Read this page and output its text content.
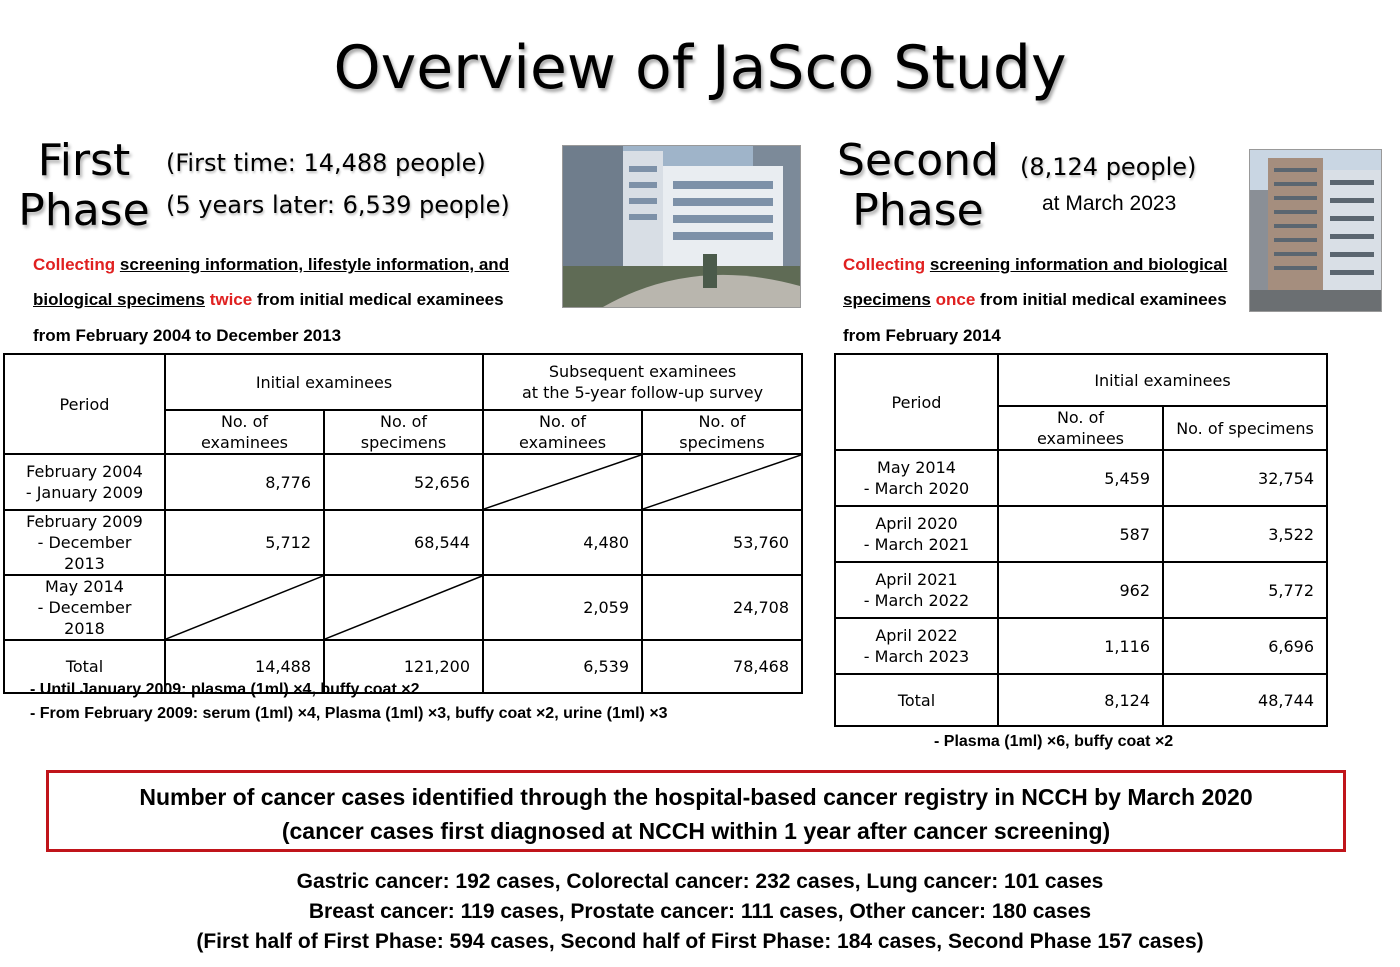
Overview of JaSco Study
First
Phase
(First time: 14,488 people)
(5 years later: 6,539 people)
Collecting screening information, lifestyle information, and
biological specimens twice from initial medical examinees
from February 2004 to December 2013
Period	Initial examinees		Subsequent examinees
at the 5-year follow-up survey	

	No. of examinees	No. of specimens	No. of examinees	No. of specimens

February 2004
- January 2009	8,776	52,656	

February 2009
- December 2013	5,712	68,544	4,480	53,760

May 2014
- December 2018			2,059	24,708
Total	14,488	121,200	6,539	78,468
- Until January 2009: plasma (1ml) ×4, buffy coat ×2
- From February 2009: serum (1ml) ×4, Plasma (1ml) ×3, buffy coat ×2, urine (1ml) ×3
Second
Phase
(8,124 people)
at March 2023
Collecting screening information and biological
specimens once from initial medical examinees
from February 2014
Period	Initial examinees	
	No. of examinees	No. of specimens

May 2014
- March 2020	5,459	32,754

April 2020
- March 2021	587	3,522

April 2021
- March 2022	962	5,772

April 2022
- March 2023	1,116	6,696
Total	8,124	48,744
- Plasma (1ml) ×6, buffy coat ×2
Number of cancer cases identified through the hospital-based cancer registry in NCCH by March 2020
(cancer cases first diagnosed at NCCH within 1 year after cancer screening)
Gastric cancer: 192 cases, Colorectal cancer: 232 cases, Lung cancer: 101 cases
Breast cancer: 119 cases, Prostate cancer: 111 cases, Other cancer: 180 cases
(First half of First Phase: 594 cases, Second half of First Phase: 184 cases, Second Phase 157 cases)
